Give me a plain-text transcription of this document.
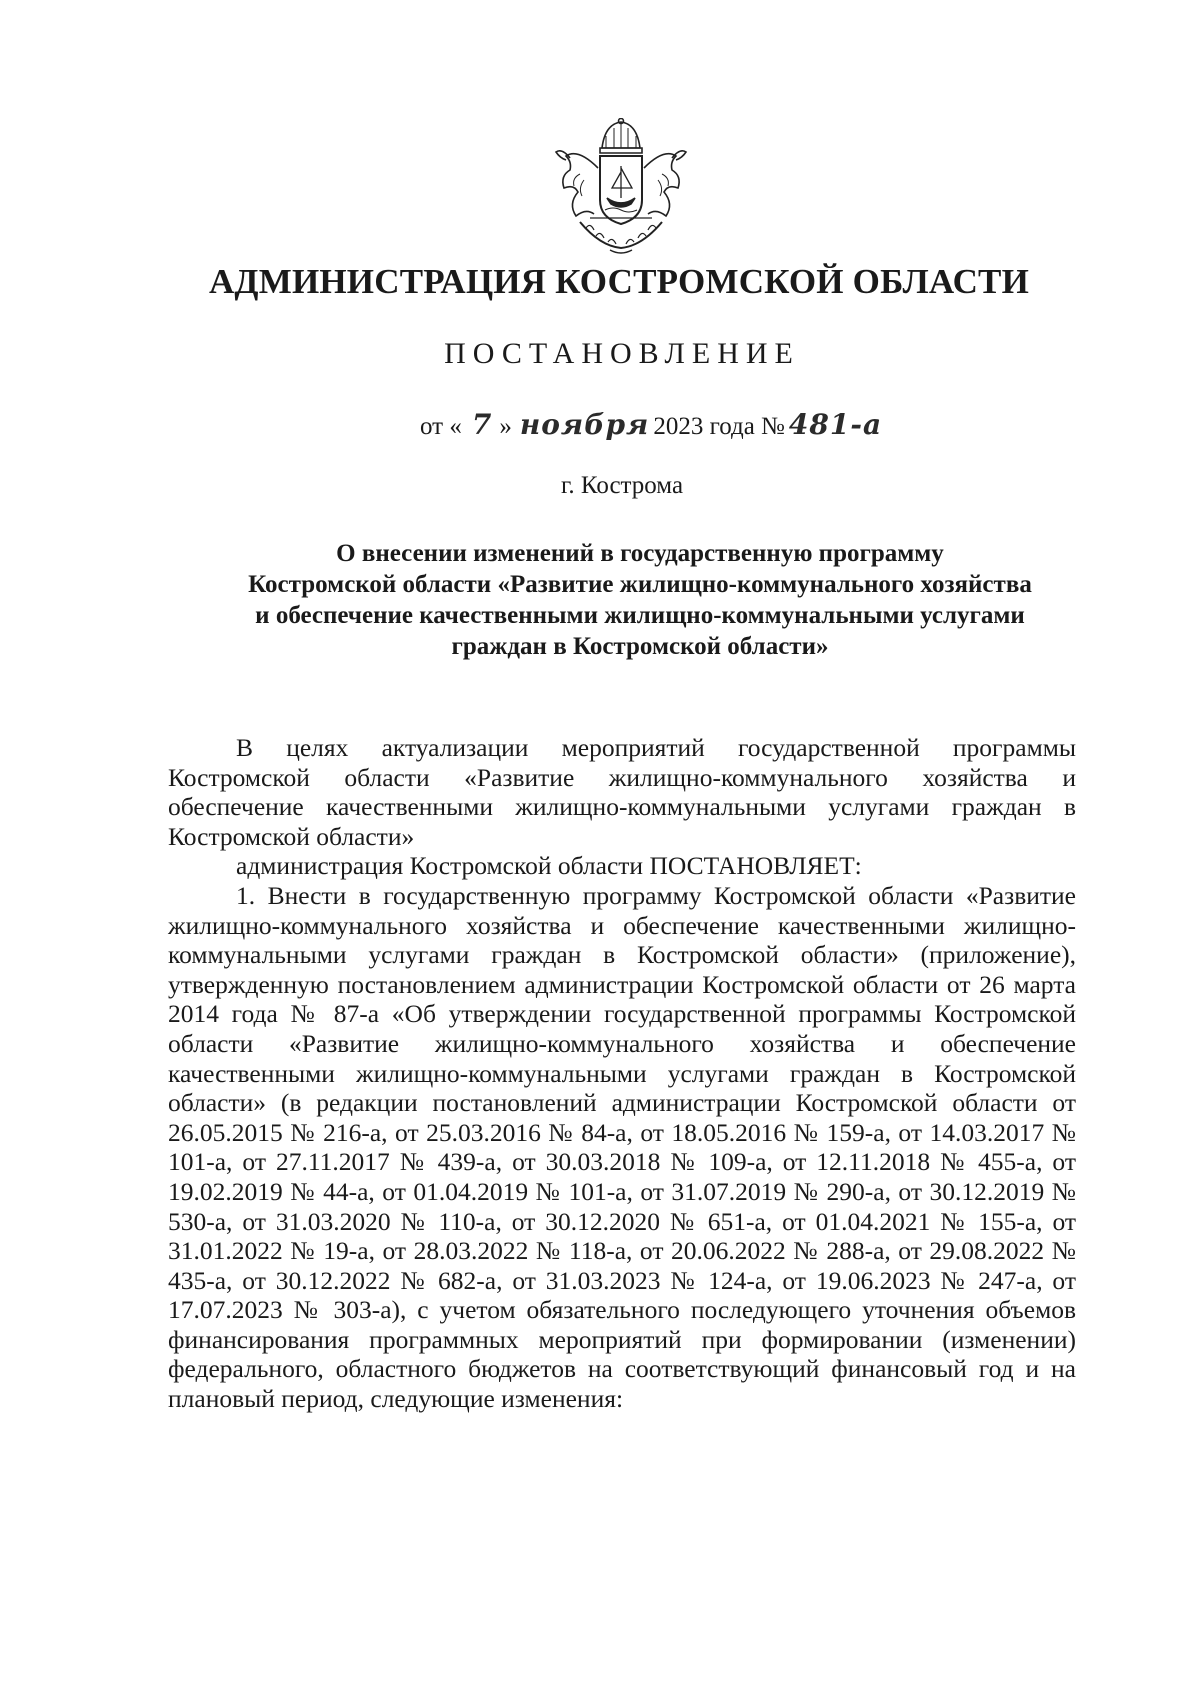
АДМИНИСТРАЦИЯ КОСТРОМСКОЙ ОБЛАСТИ
ПОСТАНОВЛЕНИЕ
от « 7 » ноября 2023 года № 481-а
г. Кострома
О внесении изменений в государственную программу
Костромской области «Развитие жилищно-коммунального хозяйства
и обеспечение качественными жилищно-коммунальными услугами
граждан в Костромской области»

В целях актуализации мероприятий государственной программы Костромской области «Развитие жилищно-коммунального хозяйства и обеспечение качественными жилищно-коммунальными услугами граждан в Костромской области»

администрация Костромской области ПОСТАНОВЛЯЕТ:

1. Внести в государственную программу Костромской области «Развитие жилищно-коммунального хозяйства и обеспечение качественными жилищно-коммунальными услугами граждан в Костромской области» (приложение), утвержденную постановлением администрации Костромской области от 26 марта 2014 года № 87-а «Об утверждении государственной программы Костромской области «Развитие жилищно-коммунального хозяйства и обеспечение качественными жилищно-коммунальными услугами граждан в Костромской области» (в редакции постановлений администрации Костромской области от 26.05.2015 № 216-а, от 25.03.2016 № 84-а, от 18.05.2016 № 159-а, от 14.03.2017 № 101-а, от 27.11.2017 № 439-а, от 30.03.2018 № 109-а, от 12.11.2018 № 455-а, от 19.02.2019 № 44-а, от 01.04.2019 № 101-а, от 31.07.2019 № 290-а, от 30.12.2019 № 530-а, от 31.03.2020 № 110-а, от 30.12.2020 № 651-а, от 01.04.2021 № 155-а, от 31.01.2022 № 19-а, от 28.03.2022 № 118-а, от 20.06.2022 № 288-а, от 29.08.2022 № 435-а, от 30.12.2022 № 682-а, от 31.03.2023 № 124-а, от 19.06.2023 № 247-а, от 17.07.2023 № 303-а), с учетом обязательного последующего уточнения объемов финансирования программных мероприятий при формировании (изменении) федерального, областного бюджетов на соответствующий финансовый год и на плановый период, следующие изменения:
